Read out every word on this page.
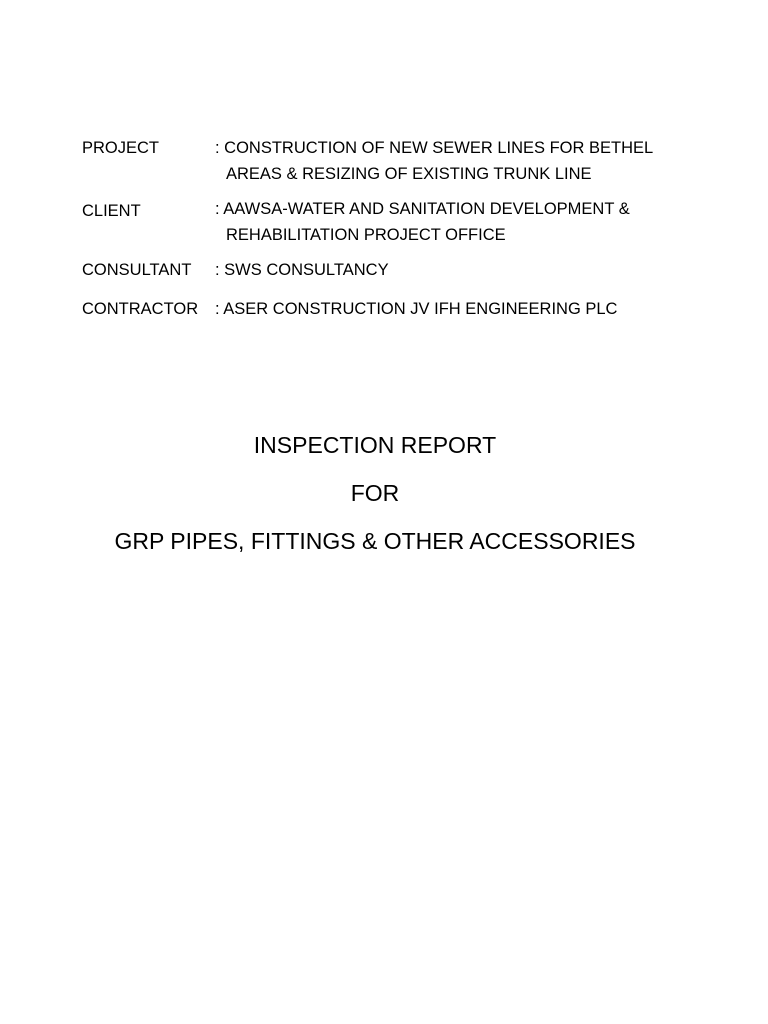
PROJECT	: CONSTRUCTION OF NEW SEWER LINES FOR BETHEL
AREAS & RESIZING OF EXISTING TRUNK LINE
CLIENT	: AAWSA-WATER AND SANITATION DEVELOPMENT &
REHABILITATION PROJECT OFFICE
CONSULTANT	: SWS CONSULTANCY
CONTRACTOR	: ASER CONSTRUCTION JV IFH ENGINEERING PLC
INSPECTION REPORT
FOR
GRP PIPES, FITTINGS & OTHER ACCESSORIES
